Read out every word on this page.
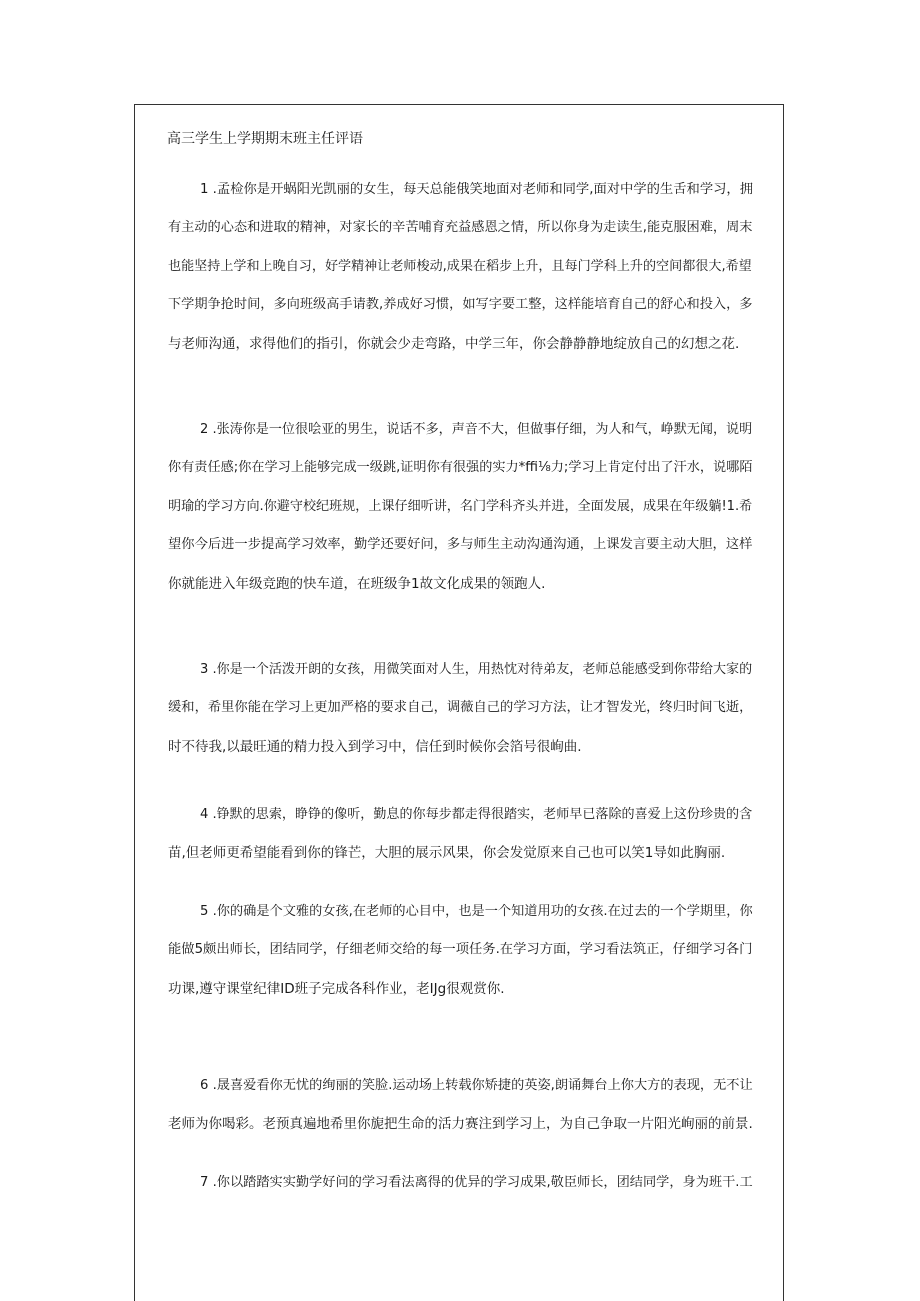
高三学生上学期期末班主任评语

1 .孟检你是开蜗阳光凯丽的女生，每天总能俄笑地面对老师和同学,面对中学的生舌和学习，拥
有主动的心态和进取的精神，对家长的辛苦哺育充益感恩之情，所以你身为走读生,能克服困难，周末
也能坚持上学和上晚自习，好学精神让老师梭动,成果在稻步上升，且每门学科上升的空间都很大,希望
下学期争抢时间，多向班级高手请教,养成好习惯，如写字要工整，这样能培育自己的舒心和投入，多
与老师沟通，求得他们的指引，你就会少走弯路，中学三年，你会静静静地绽放自己的幻想之花.

2 .张涛你是一位很哙亚的男生，说话不多，声音不大，但做事仔细，为人和气，峥默无闻，说明
你有责任感;你在学习上能够完成一级跳,证明你有很强的实力*ffi⅛力;学习上肯定付出了汗水，说哪陌
明瑜的学习方向.你避守校纪班规，上课仔细听讲，名门学科齐头并进，全面发展，成果在年级躺!1.希
望你今后进一步提高学习效率，勤学还要好问，多与师生主动沟通沟通，上课发言要主动大胆，这样
你就能进入年级竞跑的快车道，在班级争1故文化成果的领跑人.

3 .你是一个活泼开朗的女孩，用微笑面对人生，用热忱对待弟友，老师总能感受到你带给大家的
缓和，希里你能在学习上更加严格的要求自己，调薇自己的学习方法，让才智发光，终归时间飞逝，
时不待我,以最旺通的精力投入到学习中，信任到时候你会箔号很峋曲.

4 .铮默的思索，睁铮的像听，勤息的你每步都走得很踏实，老师早已落除的喜爱上这份珍贵的含
苗,但老师更希望能看到你的锋芒，大胆的展示风果，你会发觉原来自己也可以笑1导如此胸丽.

5 .你的确是个文雅的女孩,在老师的心目中，也是一个知道用功的女孩.在过去的一个学期里，你
能做5颇出师长，团结同学，仔细老师交给的每一项任务.在学习方面，学习看法筑正，仔细学习各门
功课,遵守课堂纪律ID班子完成各科作业，老IJg很观赏你.

6 .晟喜爱看你无忧的绚丽的笑脸.运动场上转载你矫捷的英姿,朗诵舞台上你大方的表现，无不让
老师为你喝彩。老预真遍地希里你旎把生命的活力赛注到学习上，为自己争取一片阳光峋丽的前景.

7 .你以踏踏实实勤学好问的学习看法离得的优异的学习成果,敬臣师长，团结同学，身为班干.工
